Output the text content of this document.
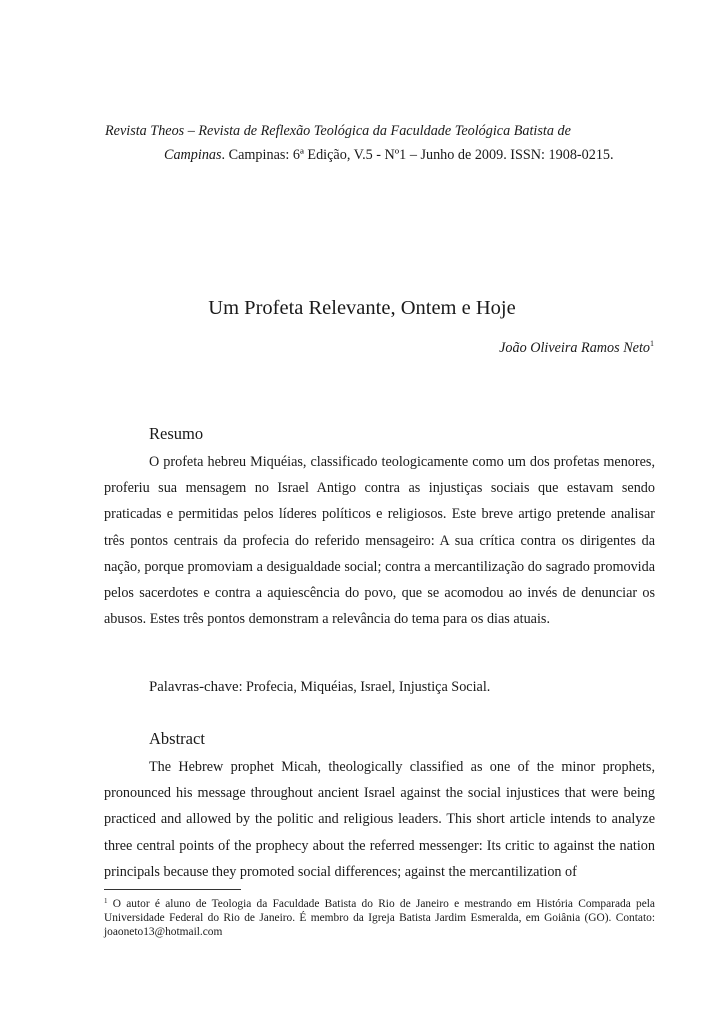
Revista Theos – Revista de Reflexão Teológica da Faculdade Teológica Batista de
Campinas. Campinas: 6ª Edição, V.5 - Nº1 – Junho de 2009. ISSN: 1908-0215.
Um Profeta Relevante, Ontem e Hoje
João Oliveira Ramos Neto$^1$
Resumo

O profeta hebreu Miquéias, classificado teologicamente como um dos profetas menores, proferiu sua mensagem no Israel Antigo contra as injustiças sociais que estavam sendo praticadas e permitidas pelos líderes políticos e religiosos. Este breve artigo pretende analisar três pontos centrais da profecia do referido mensageiro: A sua crítica contra os dirigentes da nação, porque promoviam a desigualdade social; contra a mercantilização do sagrado promovida pelos sacerdotes e contra a aquiescência do povo, que se acomodou ao invés de denunciar os abusos. Estes três pontos demonstram a relevância do tema para os dias atuais.

Palavras-chave: Profecia, Miquéias, Israel, Injustiça Social.
Abstract

The Hebrew prophet Micah, theologically classified as one of the minor prophets, pronounced his message throughout ancient Israel against the social injustices that were being practiced and allowed by the politic and religious leaders. This short article intends to analyze three central points of the prophecy about the referred messenger: Its critic to against the nation principals because they promoted social differences; against the mercantilization of

$^1$ O autor é aluno de Teologia da Faculdade Batista do Rio de Janeiro e mestrando em História Comparada pela Universidade Federal do Rio de Janeiro. É membro da Igreja Batista Jardim Esmeralda, em Goiânia (GO). Contato: joaoneto13@hotmail.com
